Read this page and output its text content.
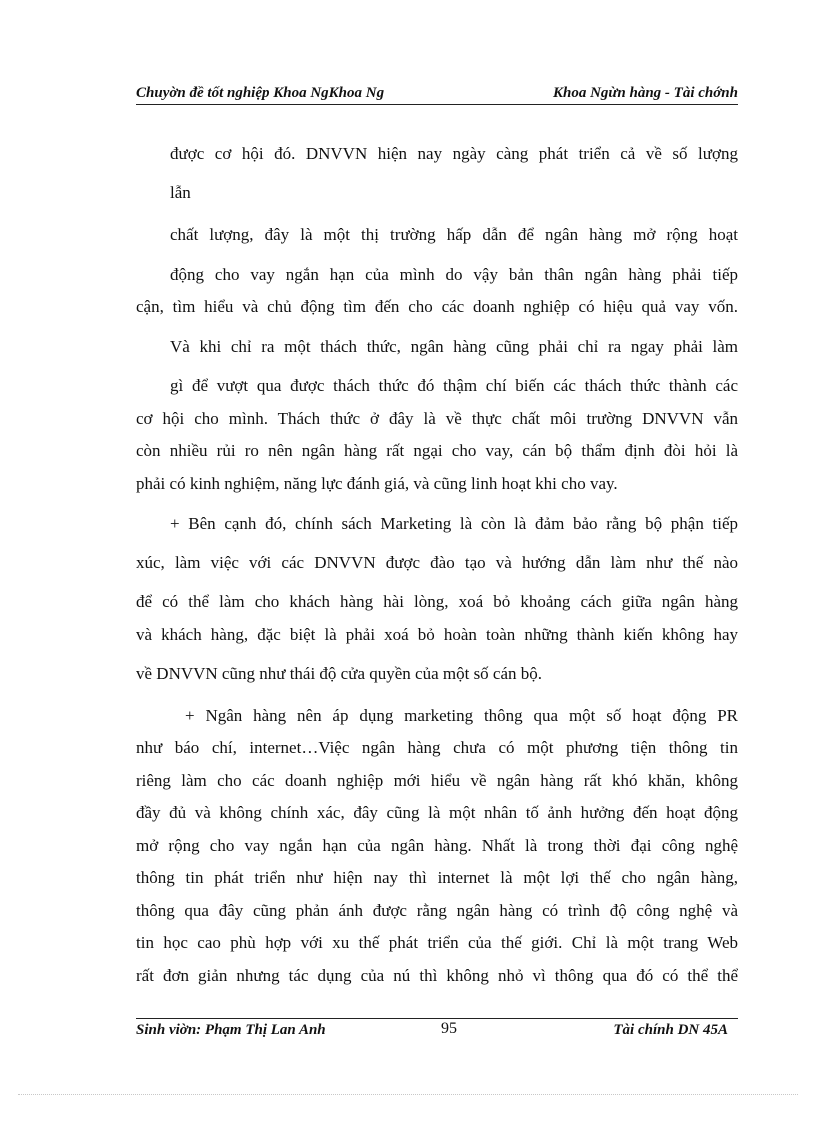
Chuyờn đề tốt nghiệp Khoa NgKhoa Ng	Khoa Ngừn hàng - Tài chớnh
được cơ hội đó. DNVVN hiện nay ngày càng phát triển cả về số lượng
lẫn
chất lượng, đây là một thị trường hấp dẫn để ngân hàng mở rộng hoạt
động cho vay ngắn hạn của mình do vậy bản thân ngân hàng phải tiếp
cận, tìm hiểu và chủ động tìm đến cho các doanh nghiệp có hiệu quả vay vốn.
Và khi chỉ ra một thách thức, ngân hàng cũng phải chỉ ra ngay phải làm
gì để vượt qua được thách thức đó thậm chí biến các thách thức thành các
cơ hội cho mình. Thách thức ở đây là về thực chất môi trường DNVVN vẫn
còn nhiều rủi ro nên ngân hàng rất ngại cho vay, cán bộ thẩm định đòi hỏi là
phải có kinh nghiệm, năng lực đánh giá, và cũng linh hoạt khi cho vay.
+ Bên cạnh đó, chính sách Marketing là còn là đảm bảo rằng bộ phận tiếp
xúc, làm việc với các DNVVN được đào tạo và hướng dẫn làm như thế nào
để có thể làm cho khách hàng hài lòng, xoá bỏ khoảng cách giữa ngân hàng
và khách hàng, đặc biệt là phải xoá bỏ hoàn toàn những thành kiến không hay
về DNVVN cũng như thái độ cửa quyền của một số cán bộ.
+ Ngân hàng nên áp dụng marketing thông qua một số hoạt động PR
như báo chí, internet…Việc ngân hàng chưa có một phương tiện thông tin
riêng làm cho các doanh nghiệp mới hiểu về ngân hàng rất khó khăn, không
đầy đủ và không chính xác, đây cũng là một nhân tố ảnh hưởng đến hoạt động
mở rộng cho vay ngắn hạn của ngân hàng. Nhất là trong thời đại công nghệ
thông tin phát triển như hiện nay thì internet là một lợi thế cho ngân hàng,
thông qua đây cũng phản ánh được rằng ngân hàng có trình độ công nghệ và
tin học cao phù hợp với xu thế phát triển của thế giới. Chỉ là một trang Web
rất đơn giản nhưng tác dụng của nú thì không nhỏ vì thông qua đó có thể thể
Sinh viờn: Phạm Thị Lan Anh	95	Tài chính DN 45A
